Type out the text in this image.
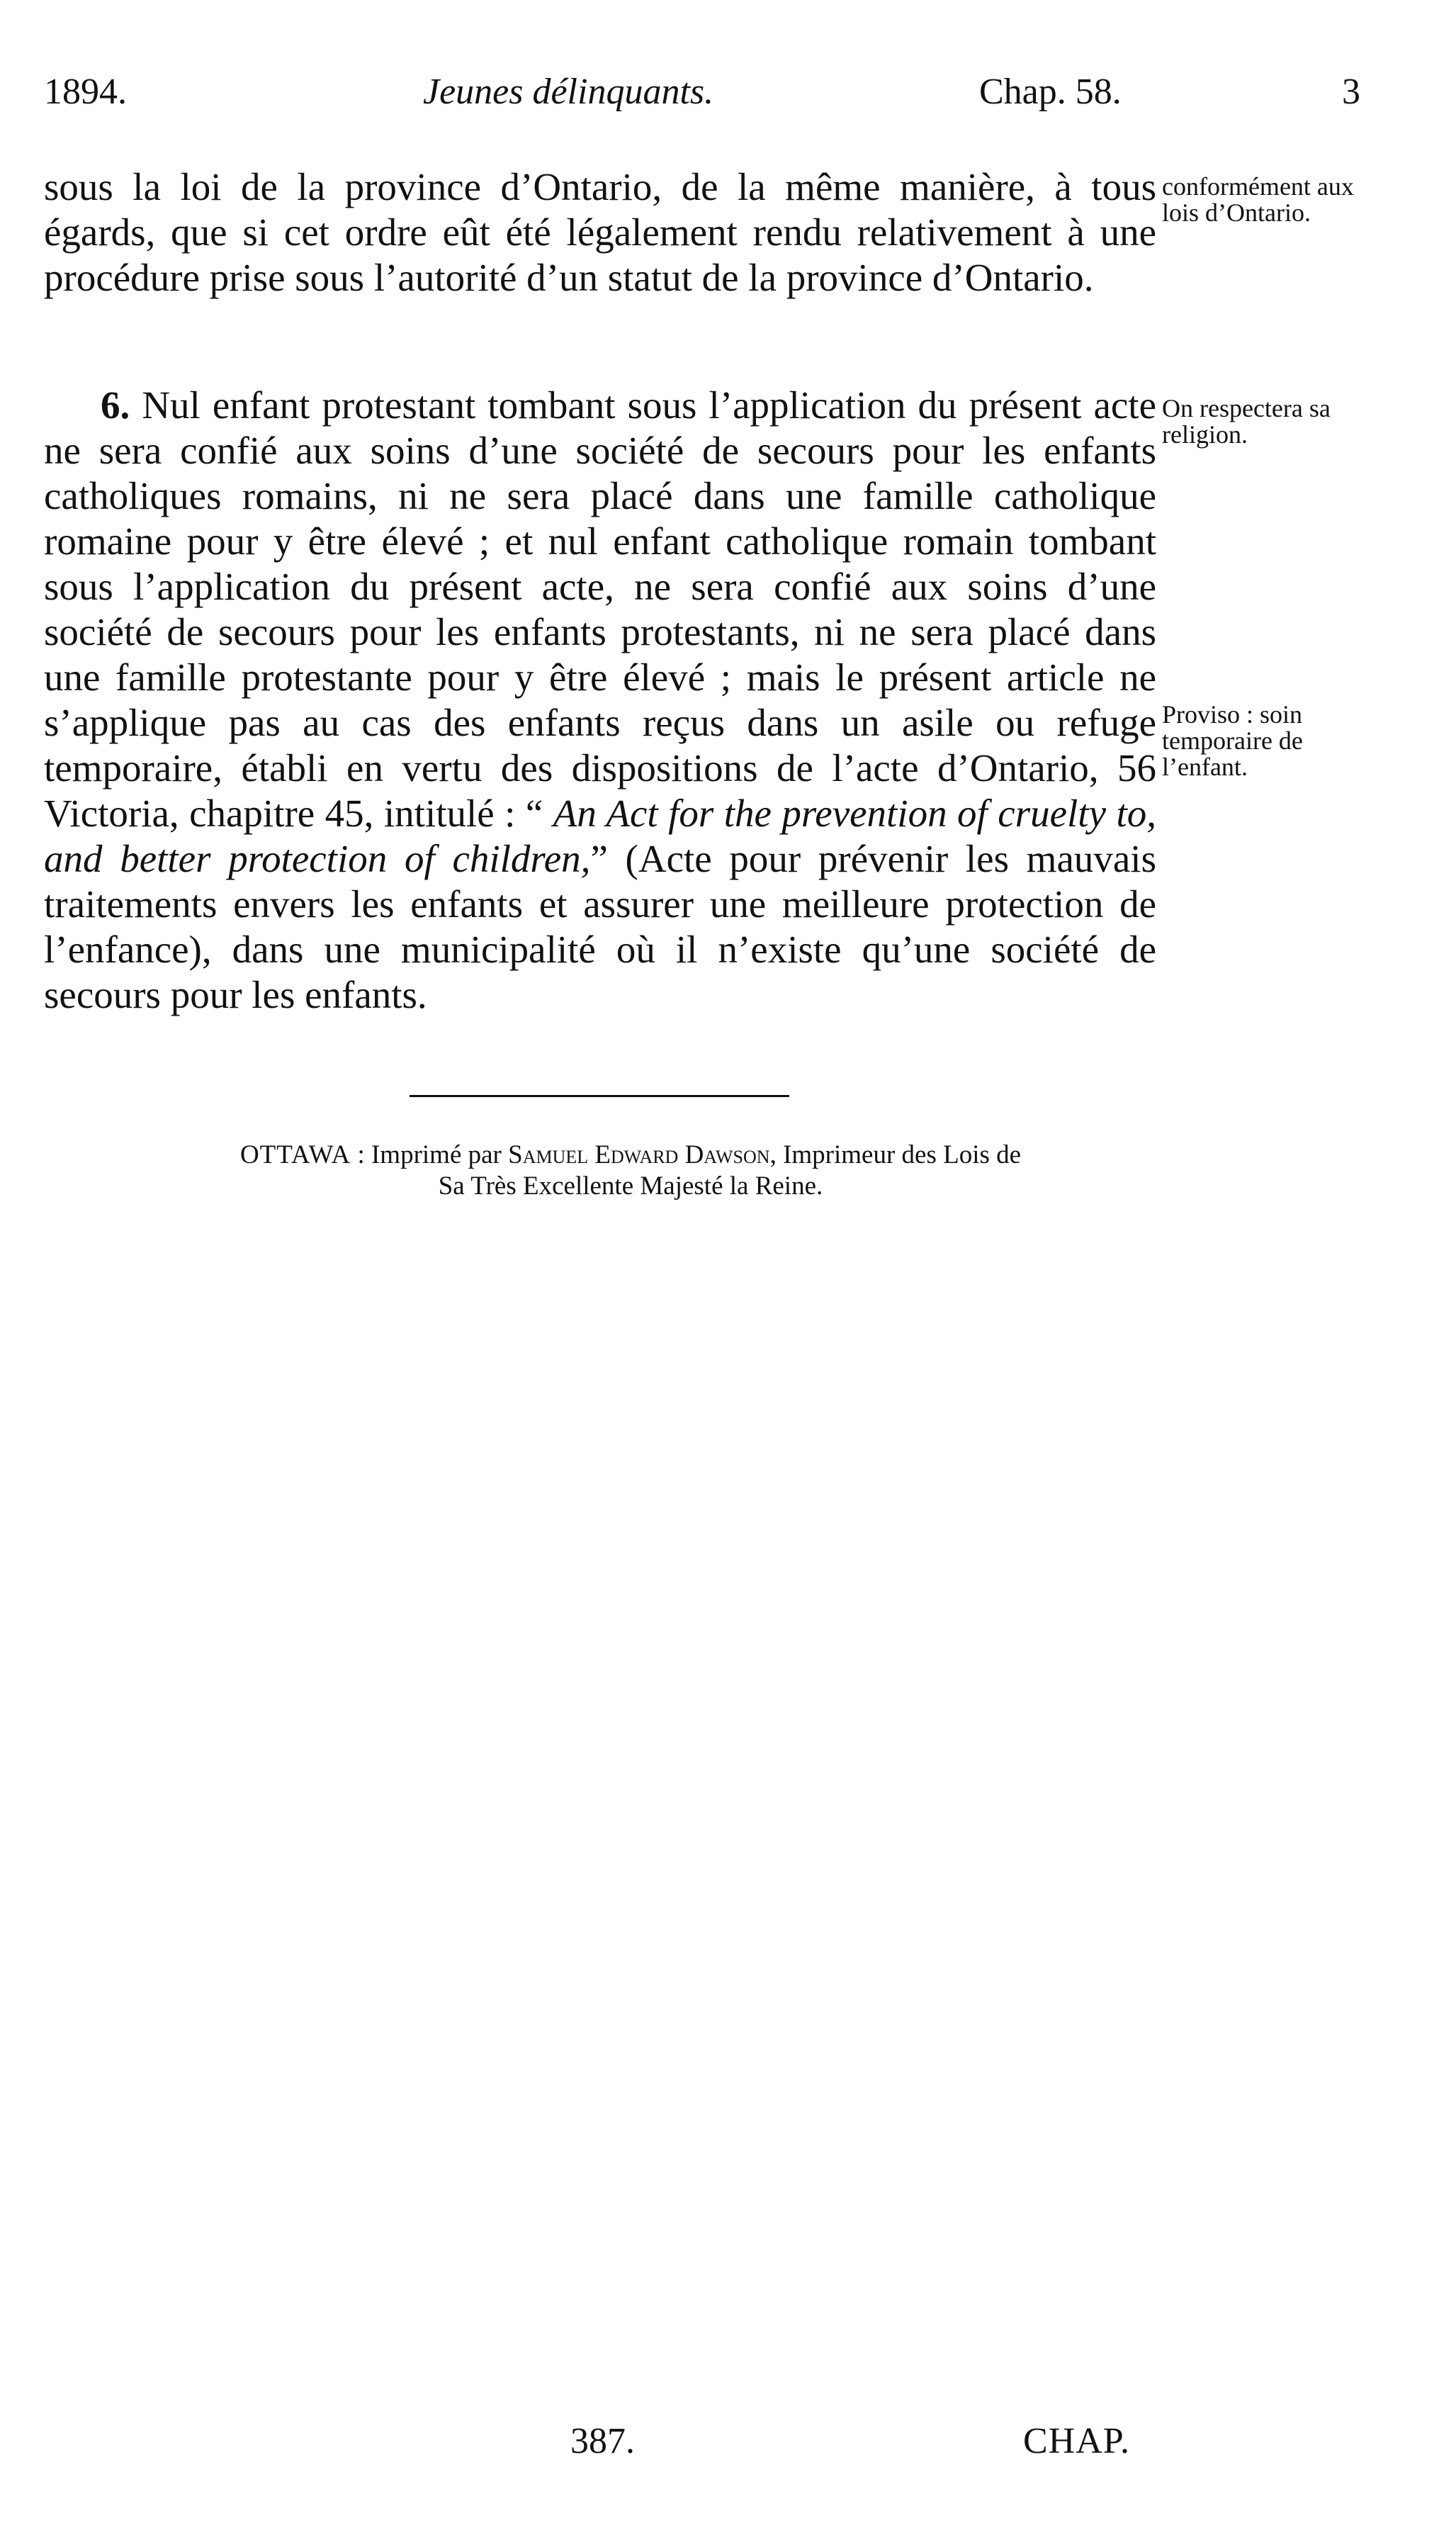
1894.	Jeunes délinquants.	Chap. 58.	3

sous la loi de la province d’Ontario, de la même manière, à tous égards, que si cet ordre eût été légalement rendu relativement à une procédure prise sous l’autorité d’un statut de la province d’Ontario.

6. Nul enfant protestant tombant sous l’application du présent acte ne sera confié aux soins d’une société de secours pour les enfants catholiques romains, ni ne sera placé dans une famille catholique romaine pour y être élevé ; et nul enfant catholique romain tombant sous l’application du présent acte, ne sera confié aux soins d’une société de secours pour les enfants protestants, ni ne sera placé dans une famille protestante pour y être élevé ; mais le présent article ne s’applique pas au cas des enfants reçus dans un asile ou refuge temporaire, établi en vertu des dispositions de l’acte d’Ontario, 56 Victoria, chapitre 45, intitulé : “ An Act for the prevention of cruelty to, and better protection of children,” (Acte pour prévenir les mauvais traitements envers les enfants et assurer une meilleure protection de l’enfance), dans une municipalité où il n’existe qu’une société de secours pour les enfants.

conformément aux lois d’Ontario.
On respectera sa religion.
Proviso : soin temporaire de l’enfant.

OTTAWA : Imprimé par Samuel Edward Dawson, Imprimeur des Lois de

Sa Très Excellente Majesté la Reine.

387.	CHAP.
